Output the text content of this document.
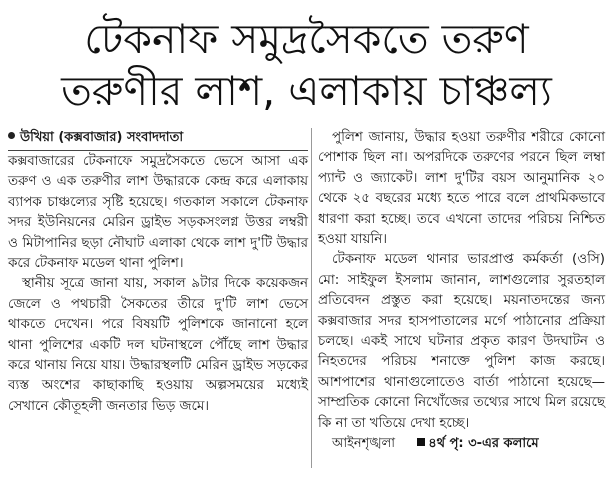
টেকনাফ সমুদ্রসৈকতে তরুণ
তরুণীর লাশ, এলাকায় চাঞ্চল্য

উখিয়া (কক্সবাজার) সংবাদদাতা

কক্সবাজারের টেকনাফে সমুদ্রসৈকতে ভেসে আসা এক তরুণ ও এক তরুণীর লাশ উদ্ধারকে কেন্দ্র করে এলাকায় ব্যাপক চাঞ্চল্যের সৃষ্টি হয়েছে। গতকাল সকালে টেকনাফ সদর ইউনিয়নের মেরিন ড্রাইভ সড়কসংলগ্ন উত্তর লম্বরী ও মিটাপানির ছড়া নৌঘাট এলাকা থেকে লাশ দু'টি উদ্ধার করে টেকনাফ মডেল থানা পুলিশ।

স্থানীয় সূত্রে জানা যায়, সকাল ৯টার দিকে কয়েকজন জেলে ও পথচারী সৈকতের তীরে দু'টি লাশ ভেসে থাকতে দেখেন। পরে বিষয়টি পুলিশকে জানানো হলে থানা পুলিশের একটি দল ঘটনাস্থলে পৌঁছে লাশ উদ্ধার করে থানায় নিয়ে যায়। উদ্ধারস্থলটি মেরিন ড্রাইভ সড়কের ব্যস্ত অংশের কাছাকাছি হওয়ায় অল্পসময়ের মধ্যেই সেখানে কৌতূহলী জনতার ভিড় জমে।

পুলিশ জানায়, উদ্ধার হওয়া তরুণীর শরীরে কোনো পোশাক ছিল না। অপরদিকে তরুণের পরনে ছিল লম্বা প্যান্ট ও জ্যাকেট। লাশ দু'টির বয়স আনুমানিক ২০ থেকে ২৫ বছরের মধ্যে হতে পারে বলে প্রাথমিকভাবে ধারণা করা হচ্ছে। তবে এখনো তাদের পরিচয় নিশ্চিত হওয়া যায়নি।

টেকনাফ মডেল থানার ভারপ্রাপ্ত কর্মকর্তা (ওসি) মো: সাইফুল ইসলাম জানান, লাশগুলোর সুরতহাল প্রতিবেদন প্রস্তুত করা হয়েছে। ময়নাতদন্তের জন্য কক্সবাজার সদর হাসপাতালের মর্গে পাঠানোর প্রক্রিয়া চলছে। একই সাথে ঘটনার প্রকৃত কারণ উদঘাটন ও নিহতদের পরিচয় শনাক্তে পুলিশ কাজ করছে। আশপাশের থানাগুলোতেও বার্তা পাঠানো হয়েছে— সাম্প্রতিক কোনো নিখোঁজের তথ্যের সাথে মিল রয়েছে কি না তা খতিয়ে দেখা হচ্ছে।

আইনশৃঙ্খলা	৪র্থ পৃ: ৩-এর কলামে
